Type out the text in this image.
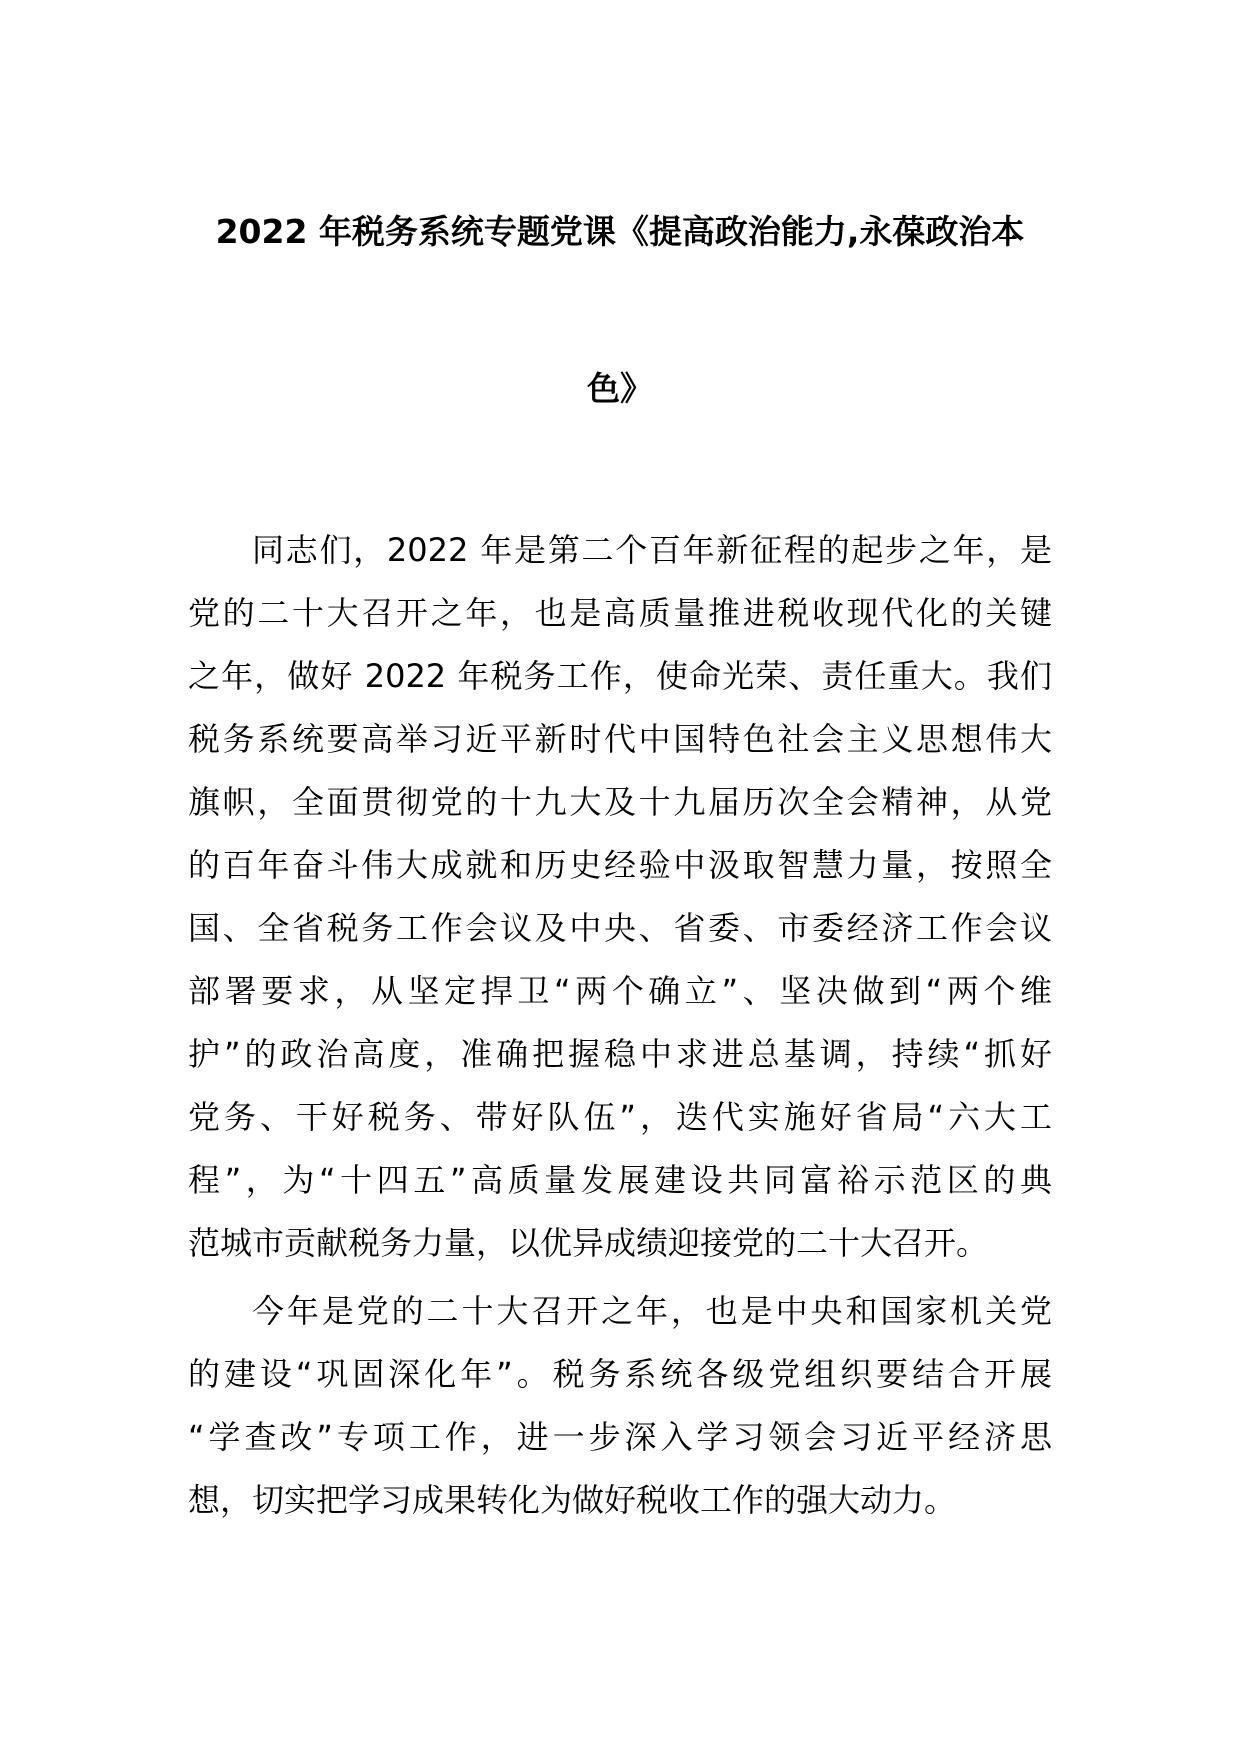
2022 年税务系统专题党课《提高政治能力,永葆政治本
色》
同志们，2022 年是第二个百年新征程的起步之年，是
党的二十大召开之年，也是高质量推进税收现代化的关键
之年，做好 2022 年税务工作，使命光荣、责任重大。我们
税务系统要高举习近平新时代中国特色社会主义思想伟大
旗帜，全面贯彻党的十九大及十九届历次全会精神，从党
的百年奋斗伟大成就和历史经验中汲取智慧力量，按照全
国、全省税务工作会议及中央、省委、市委经济工作会议
部署要求，从坚定捍卫“两个确立”、坚决做到“两个维
护”的政治高度，准确把握稳中求进总基调，持续“抓好
党务、干好税务、带好队伍”，迭代实施好省局“六大工
程”，为“十四五”高质量发展建设共同富裕示范区的典
范城市贡献税务力量，以优异成绩迎接党的二十大召开。
今年是党的二十大召开之年，也是中央和国家机关党
的建设“巩固深化年”。税务系统各级党组织要结合开展
“学查改”专项工作，进一步深入学习领会习近平经济思
想，切实把学习成果转化为做好税收工作的强大动力。
